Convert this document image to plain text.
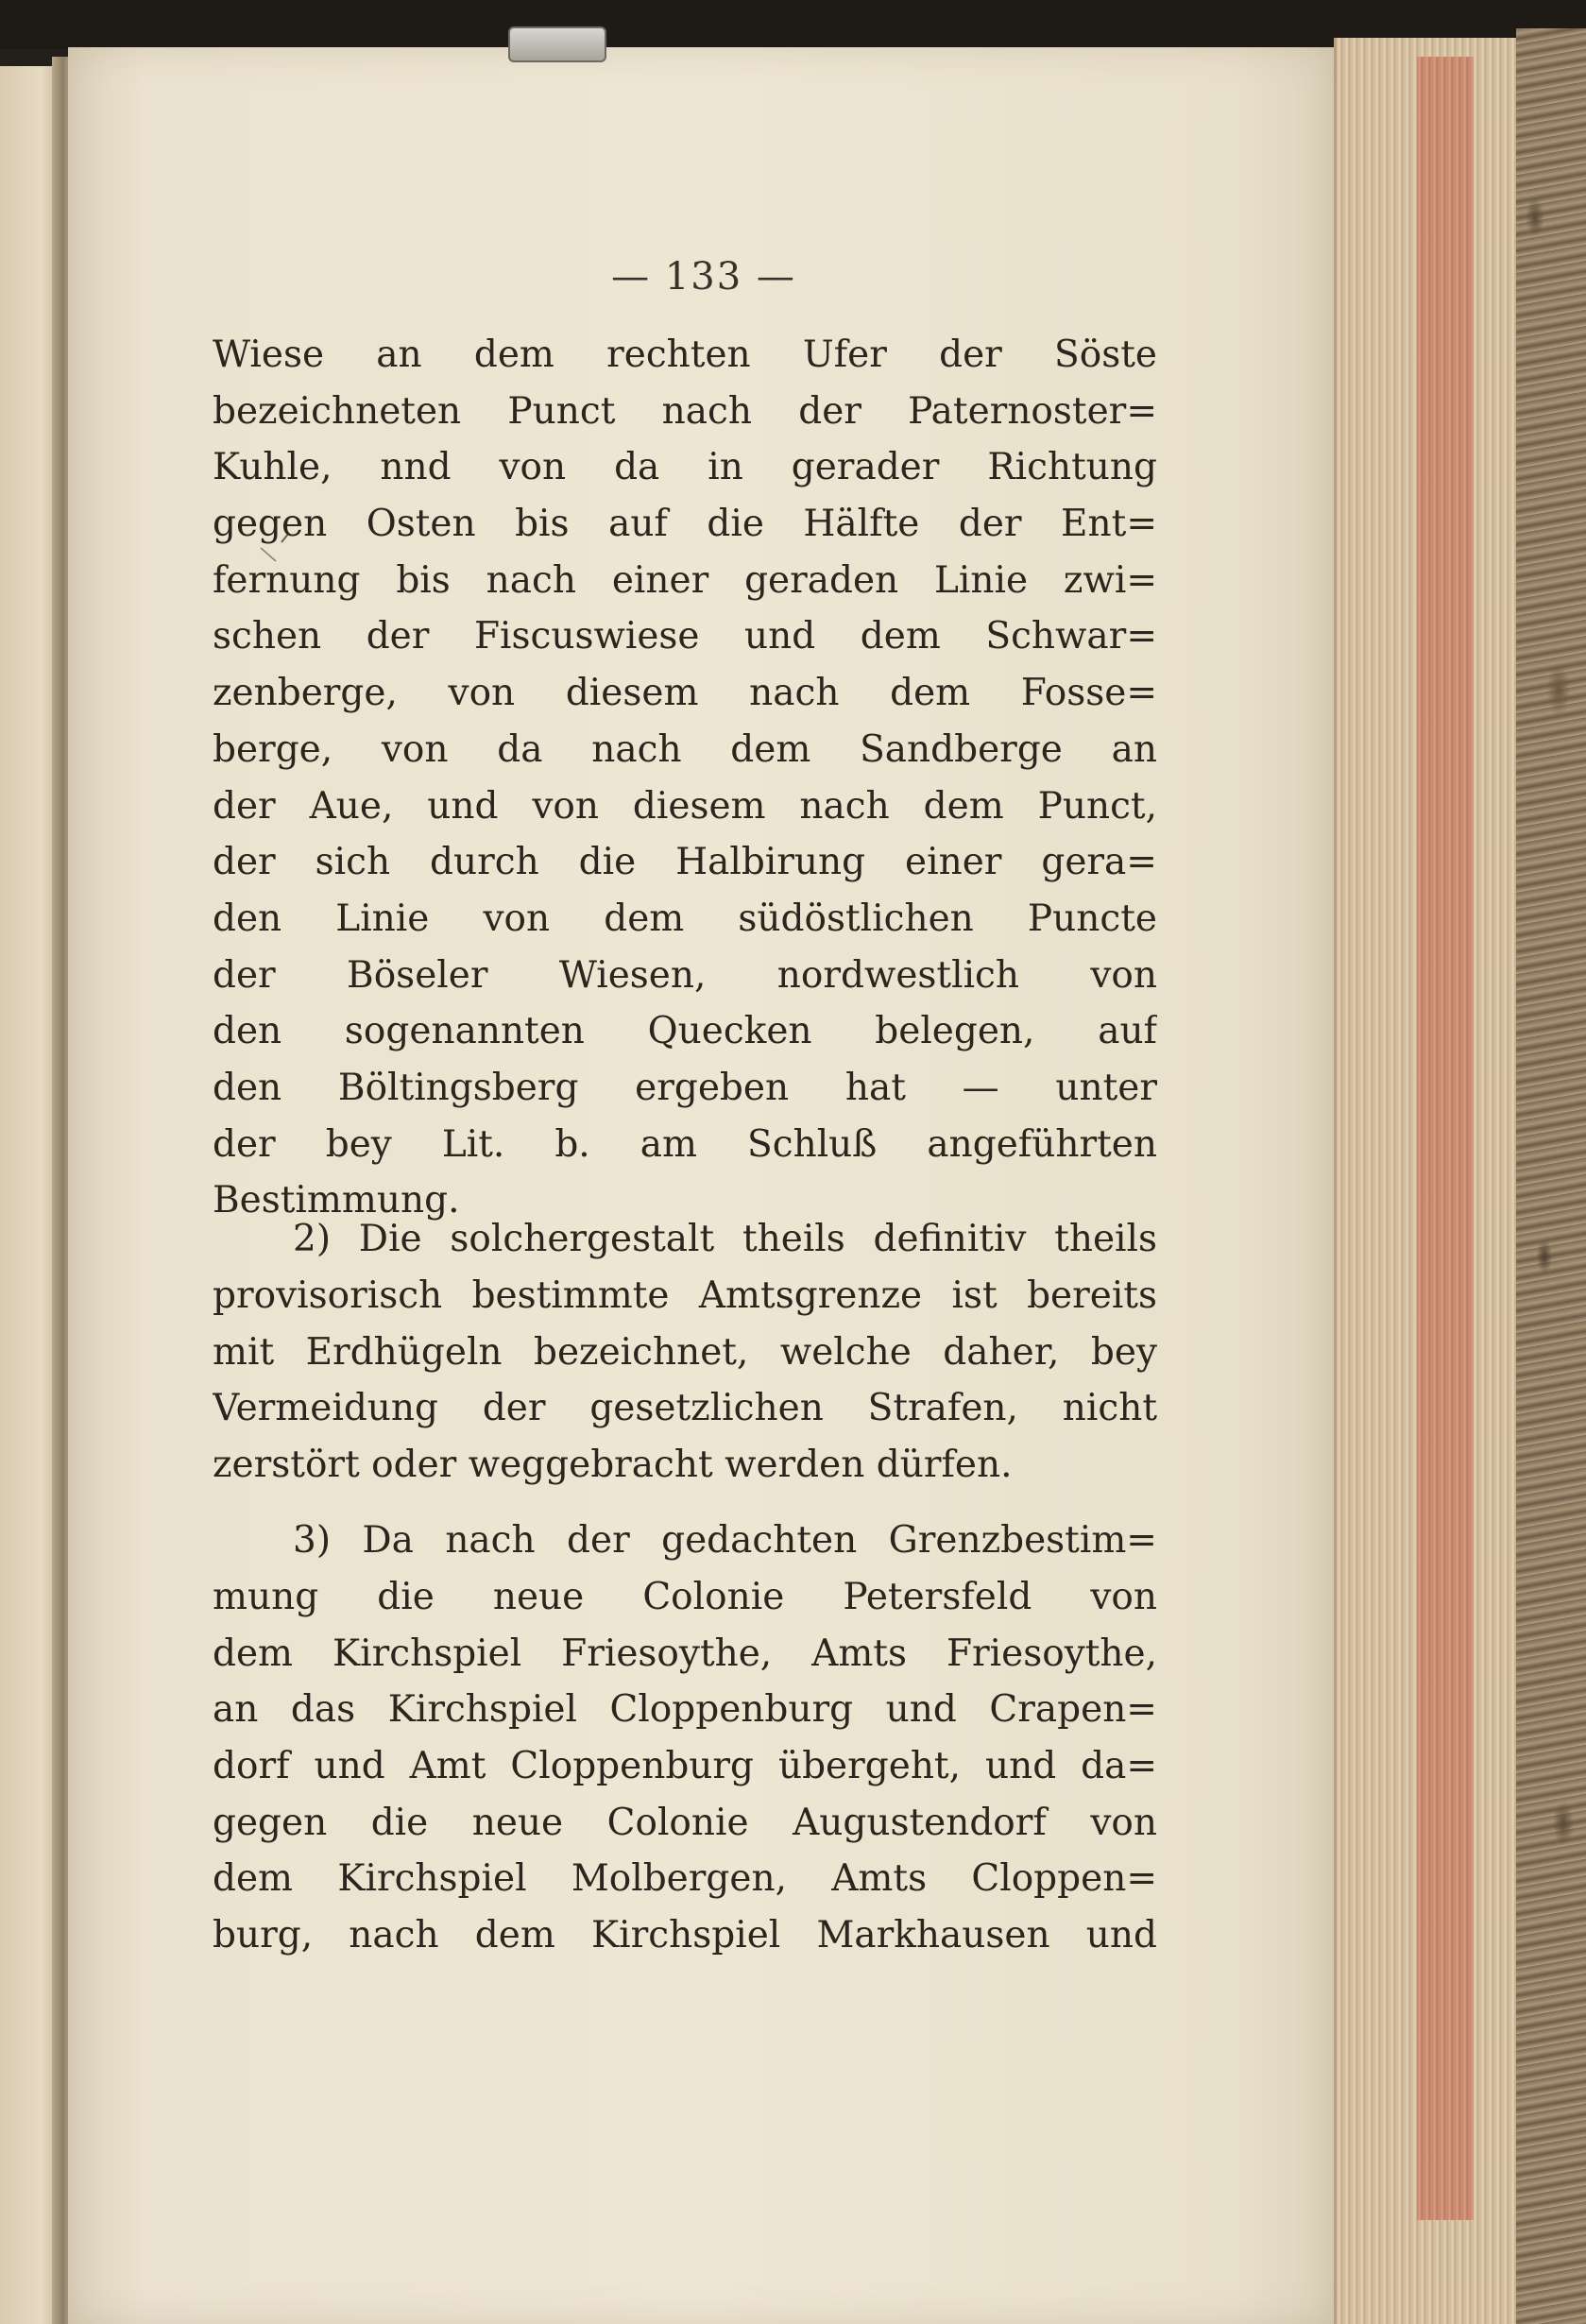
— 133 —
Wiese an dem rechten Ufer der Söste
bezeichneten Punct nach der Paternoster=
Kuhle, nnd von da in gerader Richtung
gegen Osten bis auf die Hälfte der Ent=
fernung bis nach einer geraden Linie zwi=
schen der Fiscuswiese und dem Schwar=
zenberge, von diesem nach dem Fosse=
berge, von da nach dem Sandberge an
der Aue, und von diesem nach dem Punct,
der sich durch die Halbirung einer gera=
den Linie von dem südöstlichen Puncte
der Böseler Wiesen, nordwestlich von
den sogenannten Quecken belegen, auf
den Böltingsberg ergeben hat — unter
der bey Lit. b. am Schluß angeführten
Bestimmung.
2) Die solchergestalt theils definitiv theils
provisorisch bestimmte Amtsgrenze ist bereits
mit Erdhügeln bezeichnet, welche daher, bey
Vermeidung der gesetzlichen Strafen, nicht
zerstört oder weggebracht werden dürfen.
3) Da nach der gedachten Grenzbestim=
mung die neue Colonie Petersfeld von
dem Kirchspiel Friesoythe, Amts Friesoythe,
an das Kirchspiel Cloppenburg und Crapen=
dorf und Amt Cloppenburg übergeht, und da=
gegen die neue Colonie Augustendorf von
dem Kirchspiel Molbergen, Amts Cloppen=
burg, nach dem Kirchspiel Markhausen und
